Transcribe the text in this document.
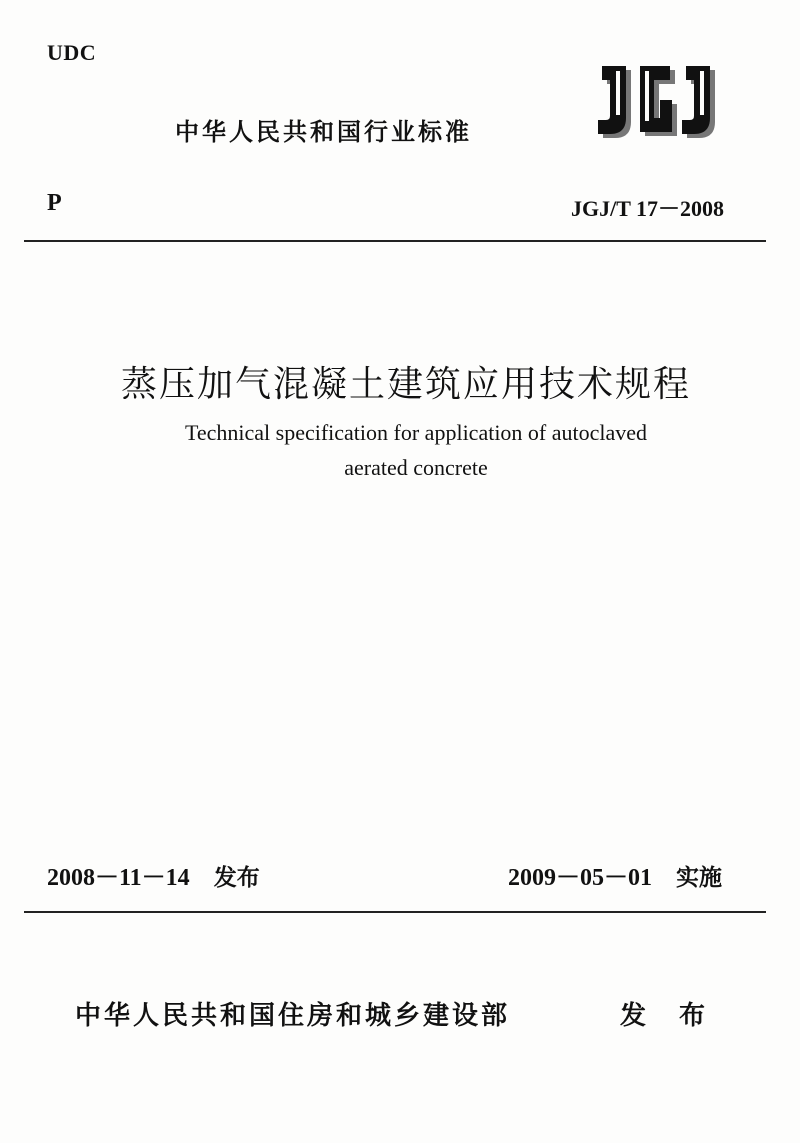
UDC
中华人民共和国行业标准
P	JGJ/T 17－2008
蒸压加气混凝土建筑应用技术规程
Technical specification for application of autoclaved
aerated concrete
2008－11－14 发布	2009－05－01 实施
中华人民共和国住房和城乡建设部	发 布
